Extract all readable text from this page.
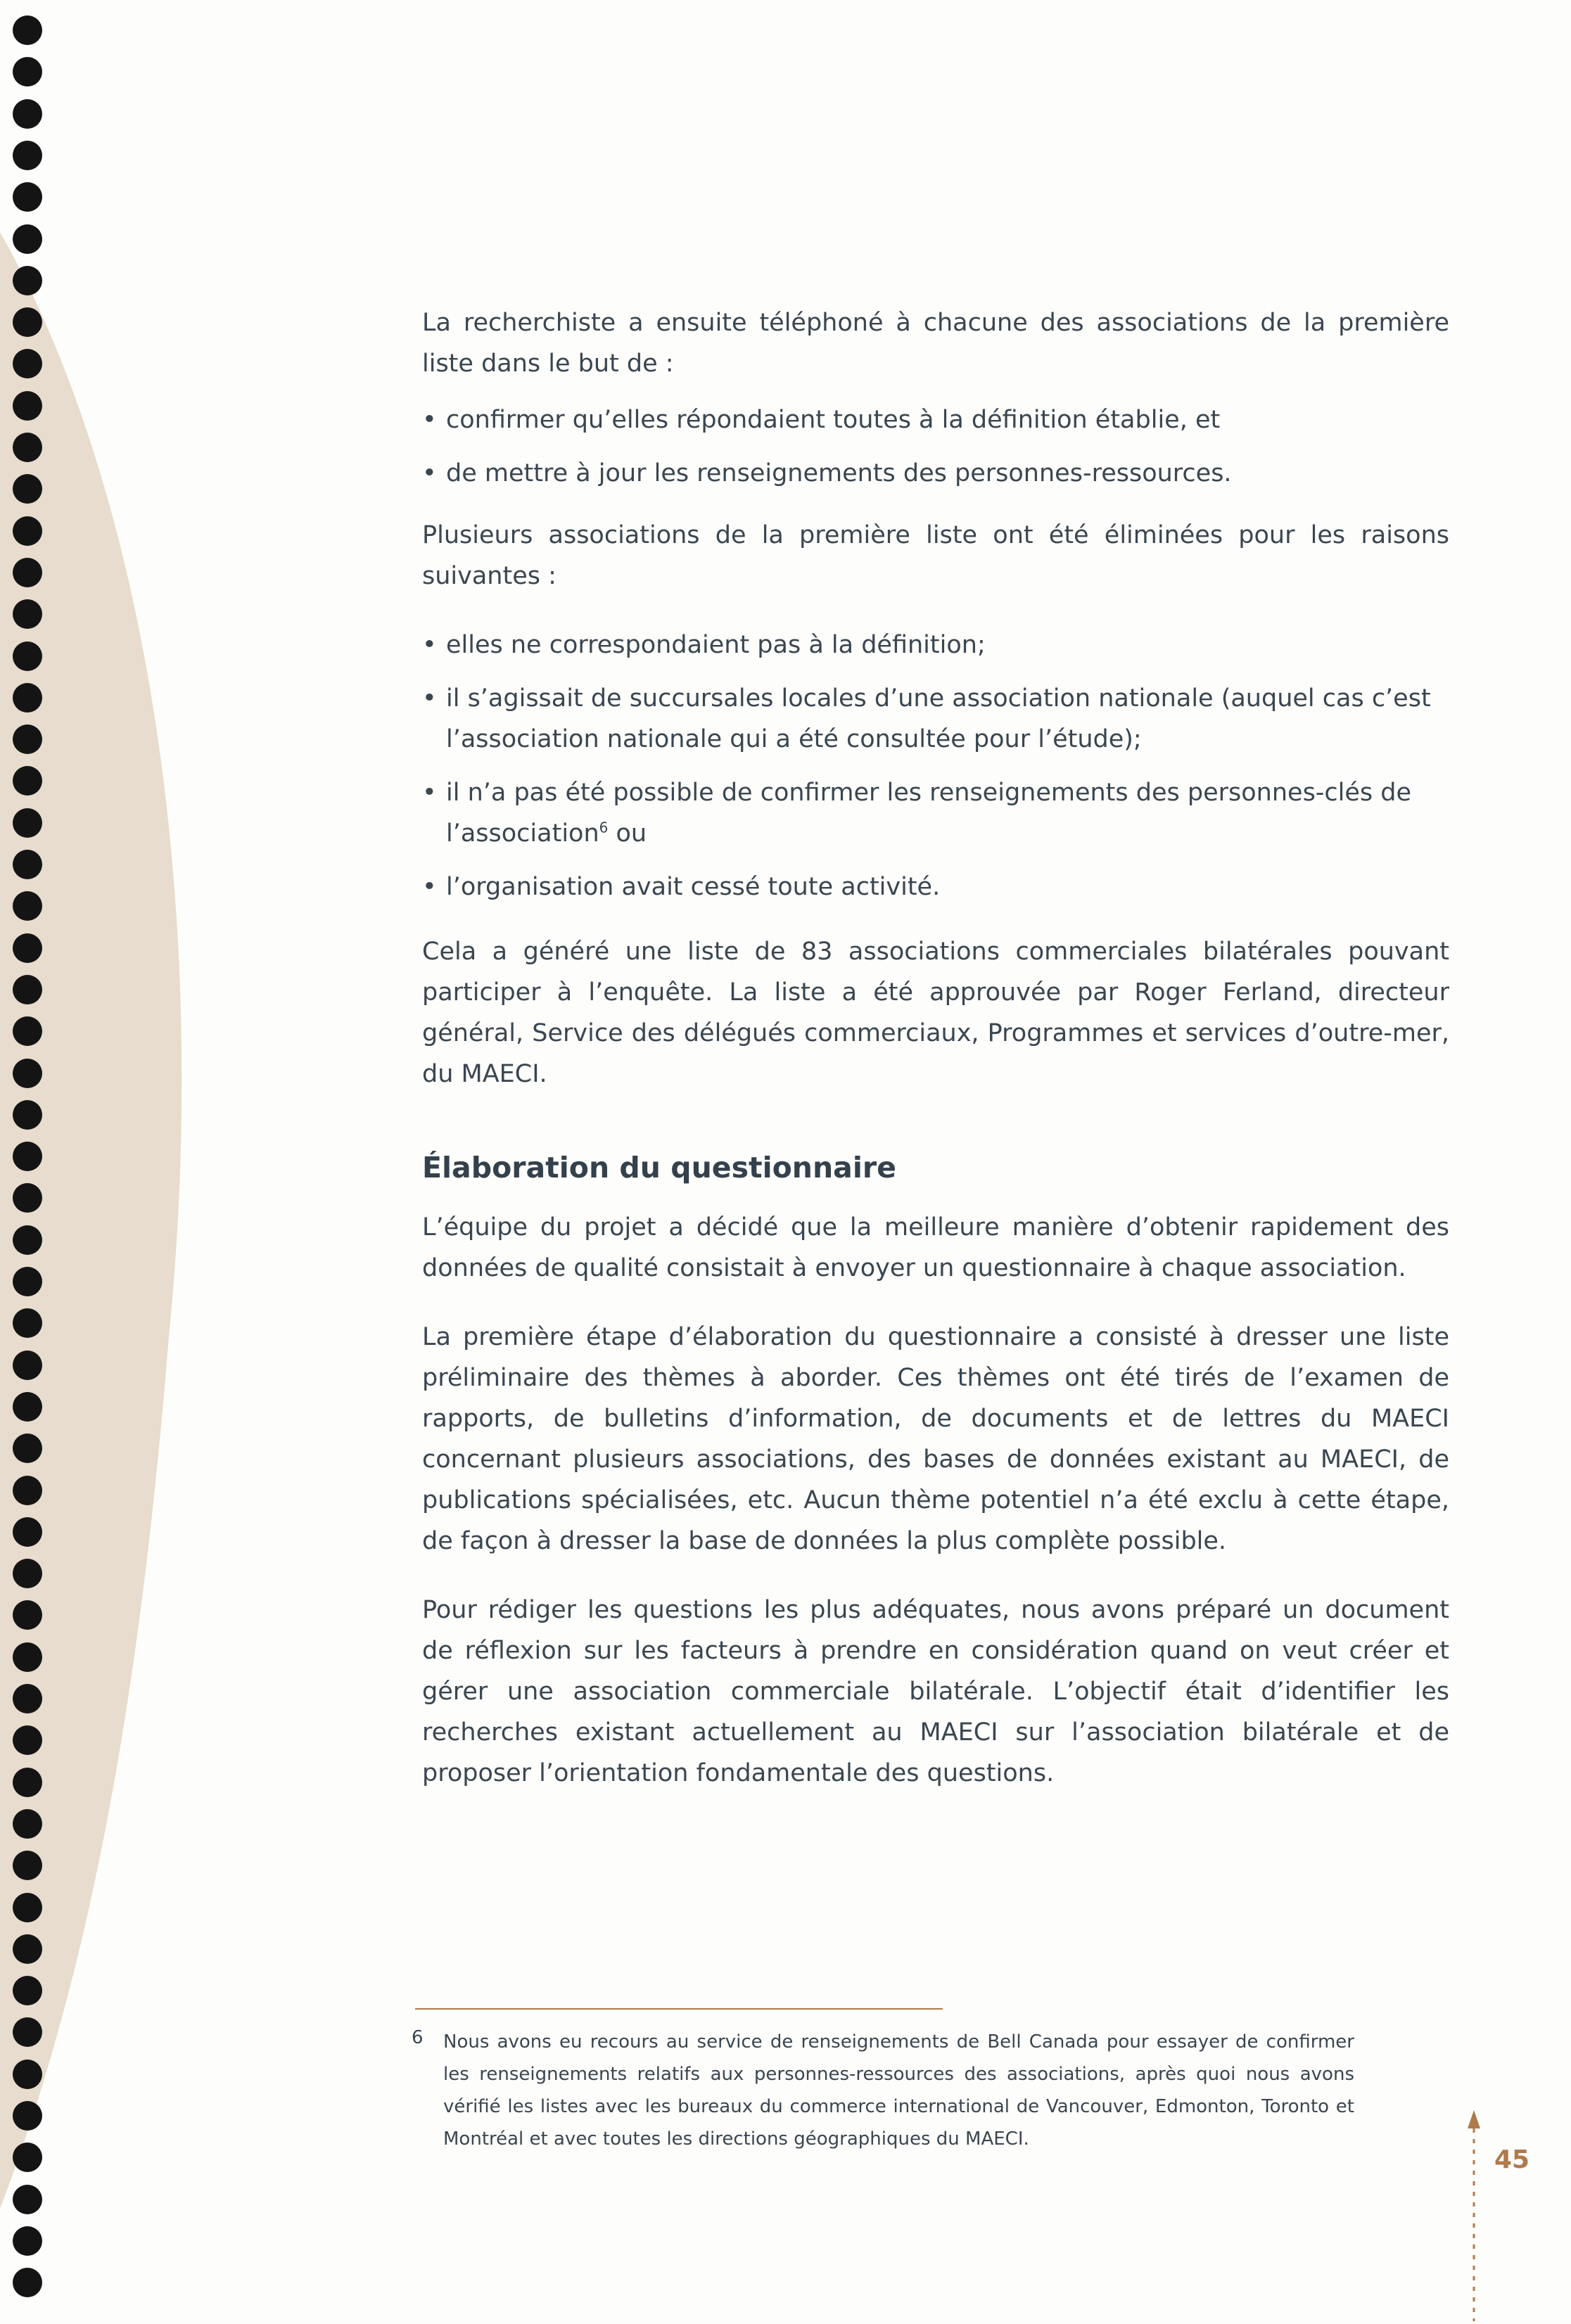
La recherchiste a ensuite téléphoné à chacune des associations de la première liste dans le but de :

• confirmer qu’elles répondaient toutes à la définition établie, et
• de mettre à jour les renseignements des personnes-ressources.

Plusieurs associations de la première liste ont été éliminées pour les raisons suivantes :

• elles ne correspondaient pas à la définition;
• il s’agissait de succursales locales d’une association nationale (auquel cas c’est l’association nationale qui a été consultée pour l’étude);
• il n’a pas été possible de confirmer les renseignements des personnes-clés de l’association$^6$ ou
• l’organisation avait cessé toute activité.

Cela a généré une liste de 83 associations commerciales bilatérales pouvant participer à l’enquête. La liste a été approuvée par Roger Ferland, directeur général, Service des délégués commerciaux, Programmes et services d’outre-mer, du MAECI.

Élaboration du questionnaire

L’équipe du projet a décidé que la meilleure manière d’obtenir rapidement des données de qualité consistait à envoyer un questionnaire à chaque association.

La première étape d’élaboration du questionnaire a consisté à dresser une liste préliminaire des thèmes à aborder. Ces thèmes ont été tirés de l’examen de rapports, de bulletins d’information, de documents et de lettres du MAECI concernant plusieurs associations, des bases de données existant au MAECI, de publications spécialisées, etc. Aucun thème potentiel n’a été exclu à cette étape, de façon à dresser la base de données la plus complète possible.

Pour rédiger les questions les plus adéquates, nous avons préparé un document de réflexion sur les facteurs à prendre en considération quand on veut créer et gérer une association commerciale bilatérale. L’objectif était d’identifier les recherches existant actuellement au MAECI sur l’association bilatérale et de proposer l’orientation fondamentale des questions.

6	Nous avons eu recours au service de renseignements de Bell Canada pour essayer de confirmer les renseignements relatifs aux personnes-ressources des associations, après quoi nous avons vérifié les listes avec les bureaux du commerce international de Vancouver, Edmonton, Toronto et Montréal et avec toutes les directions géographiques du MAECI.
45
